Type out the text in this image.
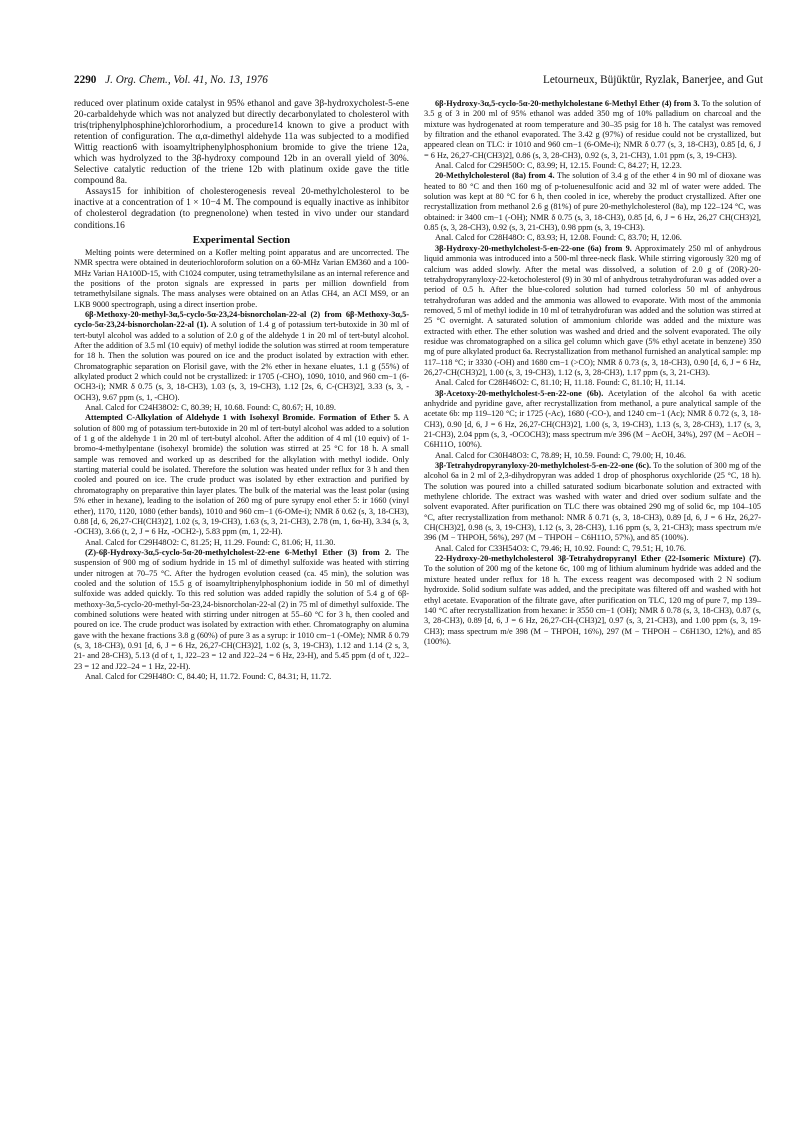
2290 J. Org. Chem., Vol. 41, No. 13, 1976	Letourneux, Büjüktür, Ryzlak, Banerjee, and Gut

reduced over platinum oxide catalyst in 95% ethanol and gave 3β-hydroxycholest-5-ene 20-carbaldehyde which was not analyzed but directly decarbonylated to cholesterol with tris(triphenylphosphine)chlororhodium, a procedure14 known to give a product with retention of configuration. The α,α-dimethyl aldehyde 11a was subjected to a modified Wittig reaction6 with isoamyltriphenylphosphonium bromide to give the triene 12a, which was hydrolyzed to the 3β-hydroxy compound 12b in an overall yield of 30%. Selective catalytic reduction of the triene 12b with platinum oxide gave the title compound 8a.

Assays15 for inhibition of cholesterogenesis reveal 20-methylcholesterol to be inactive at a concentration of 1 × 10−4 M. The compound is equally inactive as inhibitor of cholesterol degradation (to pregnenolone) when tested in vivo under our standard conditions.16

Experimental Section

Melting points were determined on a Kofler melting point apparatus and are uncorrected. The NMR spectra were obtained in deuteriochloroform solution on a 60-MHz Varian EM360 and a 100-MHz Varian HA100D-15, with C1024 computer, using tetramethylsilane as an internal reference and the positions of the proton signals are expressed in parts per million downfield from tetramethylsilane signals. The mass analyses were obtained on an Atlas CH4, an ACI MS9, or an LKB 9000 spectrograph, using a direct insertion probe.

6β-Methoxy-20-methyl-3α,5-cyclo-5α-23,24-bisnorcholan-22-al (2) from 6β-Methoxy-3α,5-cyclo-5α-23,24-bisnorcholan-22-al (1). A solution of 1.4 g of potassium tert-butoxide in 30 ml of tert-butyl alcohol was added to a solution of 2.0 g of the aldehyde 1 in 20 ml of tert-butyl alcohol. After the addition of 3.5 ml (10 equiv) of methyl iodide the solution was stirred at room temperature for 18 h. Then the solution was poured on ice and the product isolated by extraction with ether. Chromatographic separation on Florisil gave, with the 2% ether in hexane eluates, 1.1 g (55%) of alkylated product 2 which could not be crystallized: ir 1705 (-CHO), 1090, 1010, and 960 cm−1 (6-OCH3-i); NMR δ 0.75 (s, 3, 18-CH3), 1.03 (s, 3, 19-CH3), 1.12 [2s, 6, C-(CH3)2], 3.33 (s, 3, -OCH3), 9.67 ppm (s, 1, -CHO).

Anal. Calcd for C24H38O2: C, 80.39; H, 10.68. Found: C, 80.67; H, 10.89.

Attempted C-Alkylation of Aldehyde 1 with Isohexyl Bromide. Formation of Ether 5. A solution of 800 mg of potassium tert-butoxide in 20 ml of tert-butyl alcohol was added to a solution of 1 g of the aldehyde 1 in 20 ml of tert-butyl alcohol. After the addition of 4 ml (10 equiv) of 1-bromo-4-methylpentane (isohexyl bromide) the solution was stirred at 25 °C for 18 h. A small sample was removed and worked up as described for the alkylation with methyl iodide. Only starting material could be isolated. Therefore the solution was heated under reflux for 3 h and then cooled and poured on ice. The crude product was isolated by ether extraction and purified by chromatography on preparative thin layer plates. The bulk of the material was the least polar (using 5% ether in hexane), leading to the isolation of 260 mg of pure syrupy enol ether 5: ir 1660 (vinyl ether), 1170, 1120, 1080 (ether bands), 1010 and 960 cm−1 (6-OMe-i); NMR δ 0.62 (s, 3, 18-CH3), 0.88 [d, 6, 26,27-CH(CH3)2], 1.02 (s, 3, 19-CH3), 1.63 (s, 3, 21-CH3), 2.78 (m, 1, 6α-H), 3.34 (s, 3, -OCH3), 3.66 (t, 2, J = 6 Hz, -OCH2-), 5.83 ppm (m, 1, 22-H).

Anal. Calcd for C29H48O2: C, 81.25; H, 11.29. Found: C, 81.06; H, 11.30.

(Z)-6β-Hydroxy-3α,5-cyclo-5α-20-methylcholest-22-ene 6-Methyl Ether (3) from 2. The suspension of 900 mg of sodium hydride in 15 ml of dimethyl sulfoxide was heated with stirring under nitrogen at 70–75 °C. After the hydrogen evolution ceased (ca. 45 min), the solution was cooled and the solution of 15.5 g of isoamyltriphenylphosphonium iodide in 50 ml of dimethyl sulfoxide was added quickly. To this red solution was added rapidly the solution of 5.4 g of 6β-methoxy-3α,5-cyclo-20-methyl-5α-23,24-bisnorcholan-22-al (2) in 75 ml of dimethyl sulfoxide. The combined solutions were heated with stirring under nitrogen at 55–60 °C for 3 h, then cooled and poured on ice. The crude product was isolated by extraction with ether. Chromatography on alumina gave with the hexane fractions 3.8 g (60%) of pure 3 as a syrup: ir 1010 cm−1 (-OMe); NMR δ 0.79 (s, 3, 18-CH3), 0.91 [d, 6, J = 6 Hz, 26,27-CH(CH3)2], 1.02 (s, 3, 19-CH3), 1.12 and 1.14 (2 s, 3, 21- and 28-CH3), 5.13 (d of t, 1, J22–23 = 12 and J22–24 = 6 Hz, 23-H), and 5.45 ppm (d of t, J22–23 = 12 and J22–24 = 1 Hz, 22-H).

Anal. Calcd for C29H48O: C, 84.40; H, 11.72. Found: C, 84.31; H, 11.72.

6β-Hydroxy-3α,5-cyclo-5α-20-methylcholestane 6-Methyl Ether (4) from 3. To the solution of 3.5 g of 3 in 200 ml of 95% ethanol was added 350 mg of 10% palladium on charcoal and the mixture was hydrogenated at room temperature and 30–35 psig for 18 h. The catalyst was removed by filtration and the ethanol evaporated. The 3.42 g (97%) of residue could not be crystallized, but appeared clean on TLC: ir 1010 and 960 cm−1 (6-OMe-i); NMR δ 0.77 (s, 3, 18-CH3), 0.85 [d, 6, J = 6 Hz, 26,27-CH(CH3)2], 0.86 (s, 3, 28-CH3), 0.92 (s, 3, 21-CH3), 1.01 ppm (s, 3, 19-CH3).

Anal. Calcd for C29H50O: C, 83.99; H, 12.15. Found: C, 84.27; H, 12.23.

20-Methylcholesterol (8a) from 4. The solution of 3.4 g of the ether 4 in 90 ml of dioxane was heated to 80 °C and then 160 mg of p-toluenesulfonic acid and 32 ml of water were added. The solution was kept at 80 °C for 6 h, then cooled in ice, whereby the product crystallized. After one recrystallization from methanol 2.6 g (81%) of pure 20-methylcholesterol (8a), mp 122–124 °C, was obtained: ir 3400 cm−1 (-OH); NMR δ 0.75 (s, 3, 18-CH3), 0.85 [d, 6, J = 6 Hz, 26,27 CH(CH3)2], 0.85 (s, 3, 28-CH3), 0.92 (s, 3, 21-CH3), 0.98 ppm (s, 3, 19-CH3).

Anal. Calcd for C28H48O: C, 83.93; H, 12.08. Found: C, 83.70; H, 12.06.

3β-Hydroxy-20-methylcholest-5-en-22-one (6a) from 9. Approximately 250 ml of anhydrous liquid ammonia was introduced into a 500-ml three-neck flask. While stirring vigorously 320 mg of calcium was added slowly. After the metal was dissolved, a solution of 2.0 g of (20R)-20-tetrahydropyranyloxy-22-ketocholesterol (9) in 30 ml of anhydrous tetrahydrofuran was added over a period of 0.5 h. After the blue-colored solution had turned colorless 50 ml of anhydrous tetrahydrofuran was added and the ammonia was allowed to evaporate. With most of the ammonia removed, 5 ml of methyl iodide in 10 ml of tetrahydrofuran was added and the solution was stirred at 25 °C overnight. A saturated solution of ammonium chloride was added and the mixture was extracted with ether. The ether solution was washed and dried and the solvent evaporated. The oily residue was chromatographed on a silica gel column which gave (5% ethyl acetate in benzene) 350 mg of pure alkylated product 6a. Recrystallization from methanol furnished an analytical sample: mp 117–118 °C; ir 3330 (-OH) and 1680 cm−1 (>CO); NMR δ 0.73 (s, 3, 18-CH3), 0.90 [d, 6, J = 6 Hz, 26,27-CH(CH3)2], 1.00 (s, 3, 19-CH3), 1.12 (s, 3, 28-CH3), 1.17 ppm (s, 3, 21-CH3).

Anal. Calcd for C28H46O2: C, 81.10; H, 11.18. Found: C, 81.10; H, 11.14.

3β-Acetoxy-20-methylcholest-5-en-22-one (6b). Acetylation of the alcohol 6a with acetic anhydride and pyridine gave, after recrystallization from methanol, a pure analytical sample of the acetate 6b: mp 119–120 °C; ir 1725 (-Ac), 1680 (-CO-), and 1240 cm−1 (Ac); NMR δ 0.72 (s, 3, 18-CH3), 0.90 [d, 6, J = 6 Hz, 26,27-CH(CH3)2], 1.00 (s, 3, 19-CH3), 1.13 (s, 3, 28-CH3), 1.17 (s, 3, 21-CH3), 2.04 ppm (s, 3, -OCOCH3); mass spectrum m/e 396 (M − AcOH, 34%), 297 (M − AcOH − C6H11O, 100%).

Anal. Calcd for C30H48O3: C, 78.89; H, 10.59. Found: C, 79.00; H, 10.46.

3β-Tetrahydropyranyloxy-20-methylcholest-5-en-22-one (6c). To the solution of 300 mg of the alcohol 6a in 2 ml of 2,3-dihydropyran was added 1 drop of phosphorus oxychloride (25 °C, 18 h). The solution was poured into a chilled saturated sodium bicarbonate solution and extracted with methylene chloride. The extract was washed with water and dried over sodium sulfate and the solvent evaporated. After purification on TLC there was obtained 290 mg of solid 6c, mp 104–105 °C, after recrystallization from methanol: NMR δ 0.71 (s, 3, 18-CH3), 0.89 [d, 6, J = 6 Hz, 26,27-CH(CH3)2], 0.98 (s, 3, 19-CH3), 1.12 (s, 3, 28-CH3), 1.16 ppm (s, 3, 21-CH3); mass spectrum m/e 396 (M − THPOH, 56%), 297 (M − THPOH − C6H11O, 57%), and 85 (100%).

Anal. Calcd for C33H54O3: C, 79.46; H, 10.92. Found: C, 79.51; H, 10.76.

22-Hydroxy-20-methylcholesterol 3β-Tetrahydropyranyl Ether (22-Isomeric Mixture) (7). To the solution of 200 mg of the ketone 6c, 100 mg of lithium aluminum hydride was added and the mixture heated under reflux for 18 h. The excess reagent was decomposed with 2 N sodium hydroxide. Solid sodium sulfate was added, and the precipitate was filtered off and washed with hot ethyl acetate. Evaporation of the filtrate gave, after purification on TLC, 120 mg of pure 7, mp 139–140 °C after recrystallization from hexane: ir 3550 cm−1 (OH); NMR δ 0.78 (s, 3, 18-CH3), 0.87 (s, 3, 28-CH3), 0.89 [d, 6, J = 6 Hz, 26,27-CH-(CH3)2], 0.97 (s, 3, 21-CH3), and 1.00 ppm (s, 3, 19-CH3); mass spectrum m/e 398 (M − THPOH, 16%), 297 (M − THPOH − C6H13O, 12%), and 85 (100%).
